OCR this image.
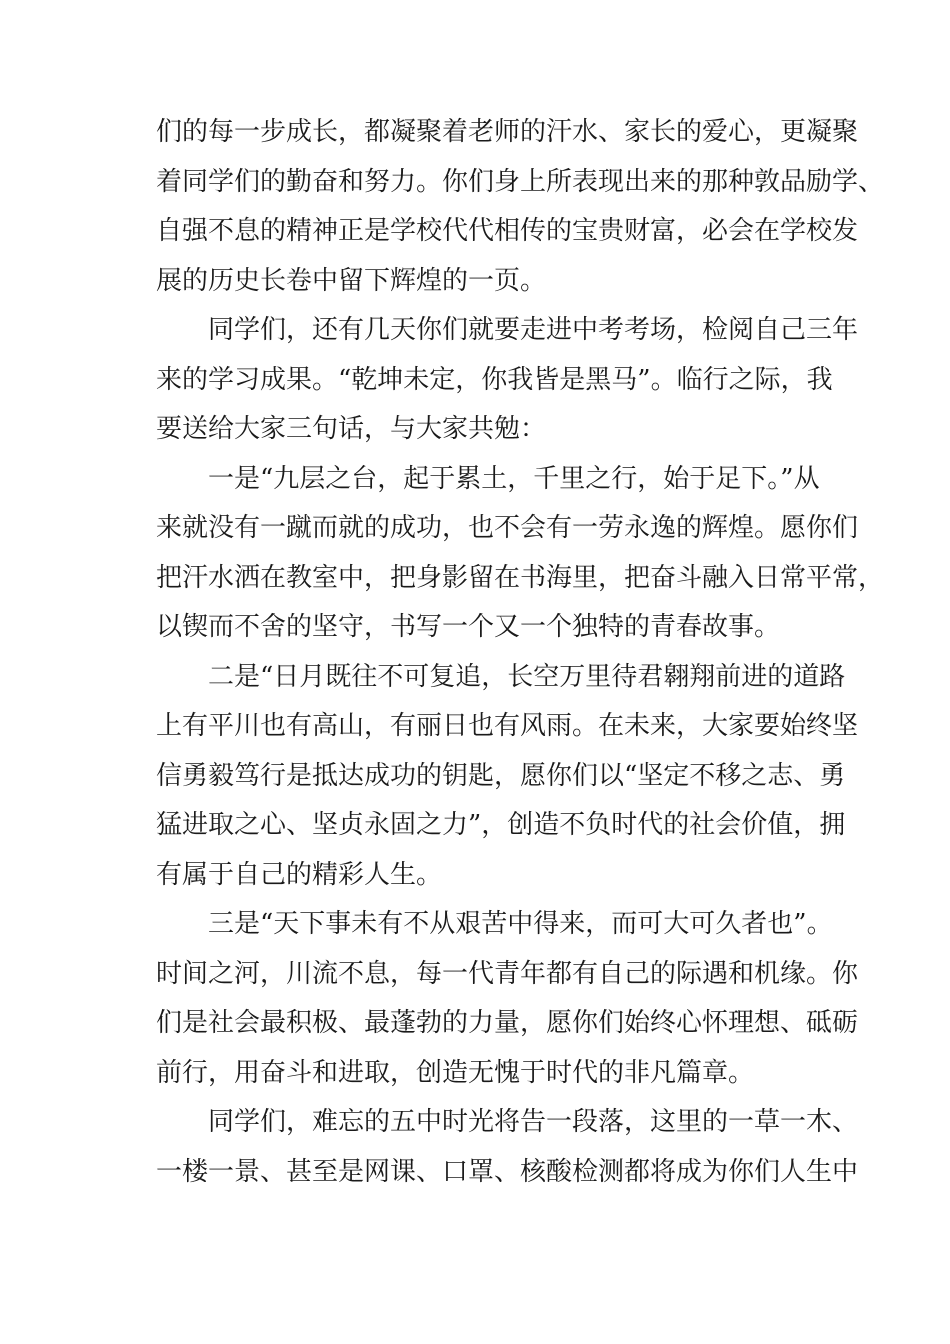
们的每一步成长，都凝聚着老师的汗水、家长的爱心，更凝聚
着同学们的勤奋和努力。你们身上所表现出来的那种敦品励学、
自强不息的精神正是学校代代相传的宝贵财富，必会在学校发
展的历史长卷中留下辉煌的一页。
同学们，还有几天你们就要走进中考考场，检阅自己三年
来的学习成果。“乾坤未定，你我皆是黑马”。临行之际，我
要送给大家三句话，与大家共勉：
一是“九层之台，起于累土，千里之行，始于足下。”从
来就没有一蹴而就的成功，也不会有一劳永逸的辉煌。愿你们
把汗水洒在教室中，把身影留在书海里，把奋斗融入日常平常，
以锲而不舍的坚守，书写一个又一个独特的青春故事。
二是“日月既往不可复追，长空万里待君翱翔前进的道路
上有平川也有高山，有丽日也有风雨。在未来，大家要始终坚
信勇毅笃行是抵达成功的钥匙，愿你们以“坚定不移之志、勇
猛进取之心、坚贞永固之力”，创造不负时代的社会价值，拥
有属于自己的精彩人生。
三是“天下事未有不从艰苦中得来，而可大可久者也”。
时间之河，川流不息，每一代青年都有自己的际遇和机缘。你
们是社会最积极、最蓬勃的力量，愿你们始终心怀理想、砥砺
前行，用奋斗和进取，创造无愧于时代的非凡篇章。
同学们，难忘的五中时光将告一段落，这里的一草一木、
一楼一景、甚至是网课、口罩、核酸检测都将成为你们人生中
